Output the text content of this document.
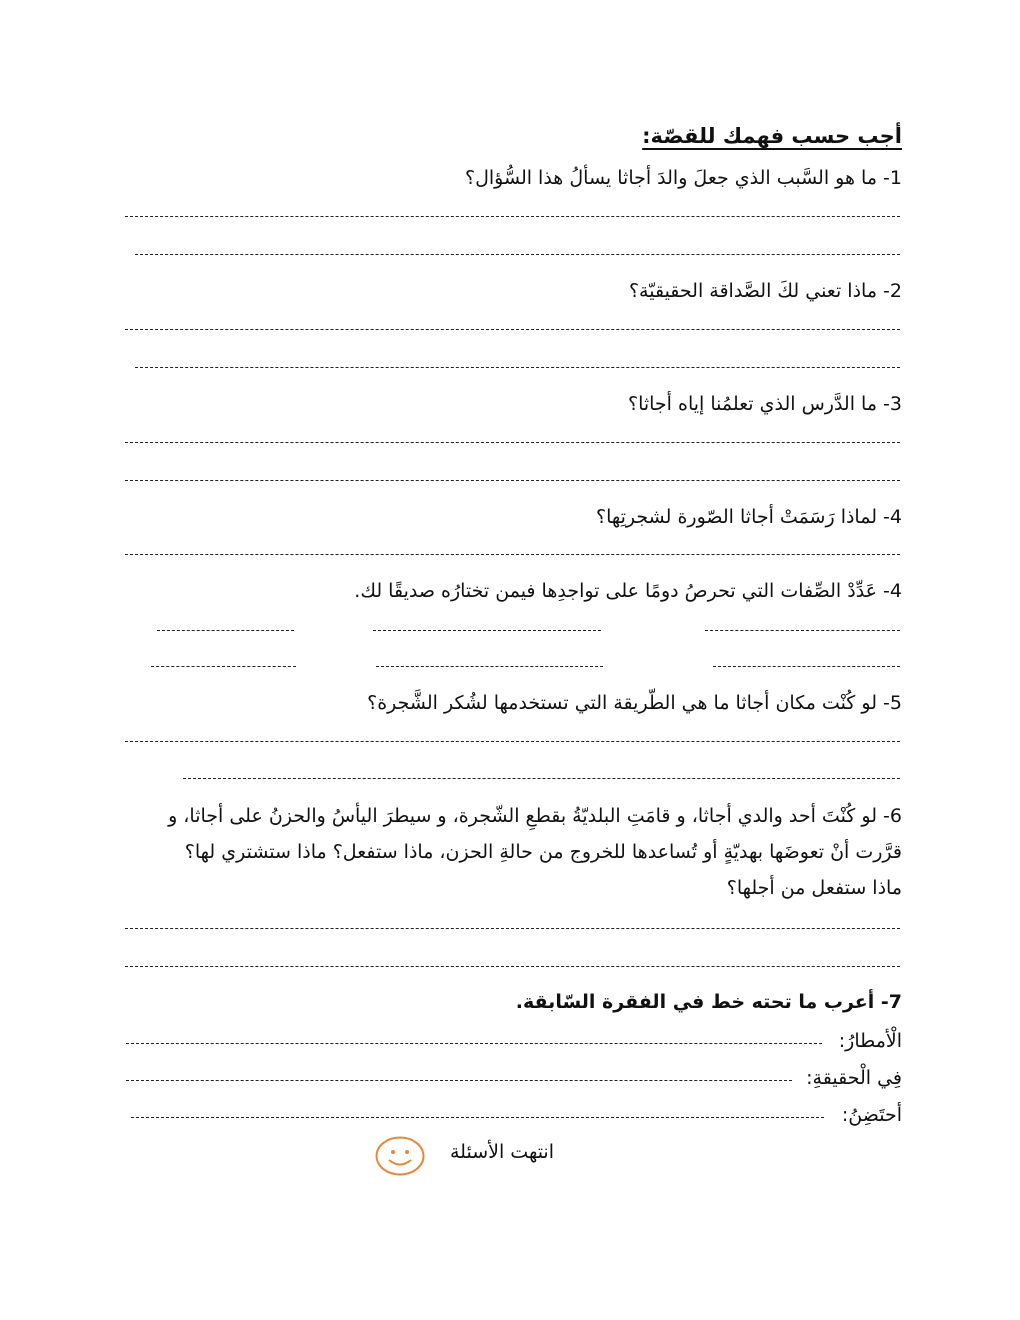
أجب حسب فهمك للقصّة:
1- ما هو السَّبب الذي جعلَ والدَ أجاثا يسألُ هذا السُّؤال؟
2- ماذا تعني لكَ الصَّداقة الحقيقيّة؟
3- ما الدَّرس الذي تعلمُنا إياه أجاثا؟
4- لماذا رَسَمَتْ أجاثا الصّورة لشجرتِها؟
4- عَدِّدْ الصِّفات التي تحرصُ دومًا على تواجدِها فيمن تختارُه صديقًا لك.
5- لو كُنْت مكان أجاثا ما هي الطّريقة التي تستخدمها لشُكر الشَّجرة؟
6- لو كُنْتَ أحد والدي أجاثا، و قامَتِ البلديّةُ بقطعِ الشّجرة، و سيطرَ اليأسُ والحزنُ على أجاثا، و قرَّرت أنْ تعوضَها بهديّةٍ أو تُساعدها للخروج من حالةِ الحزن، ماذا ستفعل؟ ماذا ستشتري لها؟ ماذا ستفعل من أجلها؟
7- أعرب ما تحته خط في الفقرة السّابقة.
الْأمطارُ:
فِي الْحقيقةِ:
أحتَضِنُ:
انتهت الأسئلة
